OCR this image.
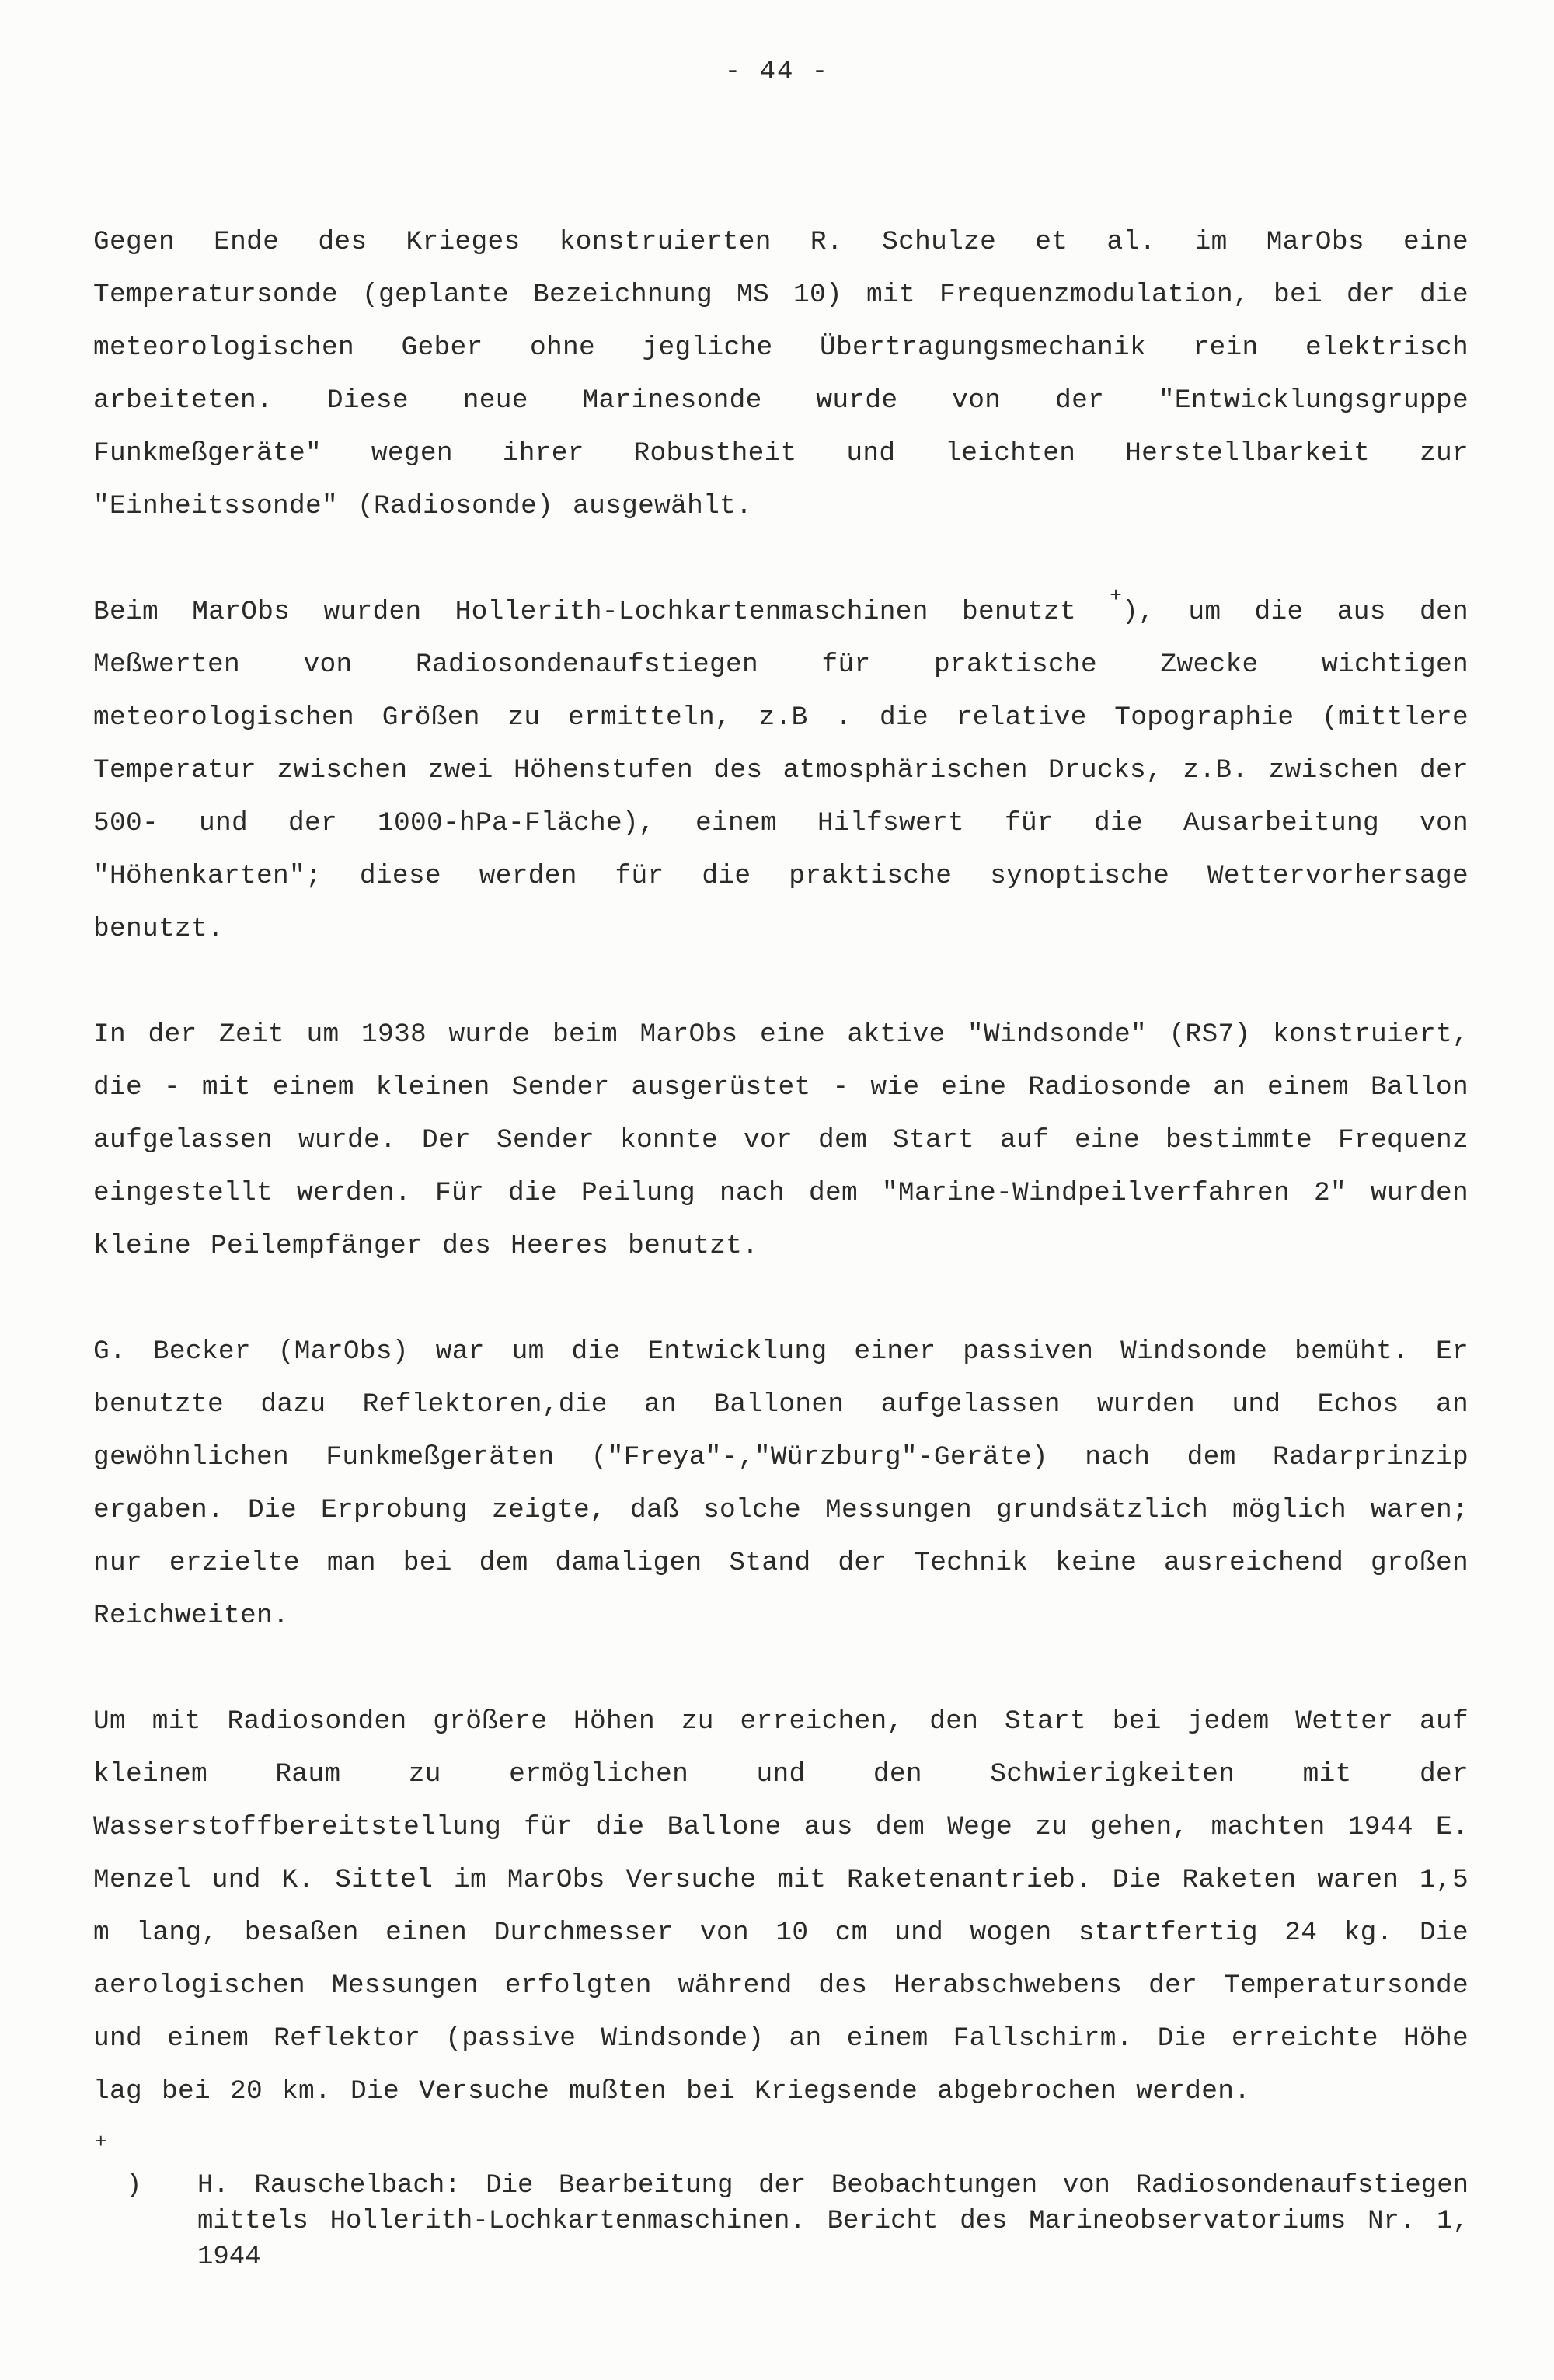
- 44 -

Gegen Ende des Krieges konstruierten R. Schulze et al. im MarObs eine Temperatursonde (geplante Bezeichnung MS 10) mit Frequenzmodulation, bei der die meteorologischen Geber ohne jegliche Übertragungsmechanik rein elektrisch arbeiteten. Diese neue Marinesonde wurde von der "Entwicklungsgruppe Funkmeßgeräte" wegen ihrer Robustheit und leichten Herstellbarkeit zur "Einheitssonde" (Radiosonde) ausgewählt.

Beim MarObs wurden Hollerith-Lochkartenmaschinen benutzt +), um die aus den Meßwerten von Radiosondenaufstiegen für praktische Zwecke wichtigen meteorologischen Größen zu ermitteln, z.B . die relative Topographie (mittlere Temperatur zwischen zwei Höhenstufen des atmosphärischen Drucks, z.B. zwischen der 500- und der 1000-hPa-Fläche), einem Hilfswert für die Ausarbeitung von "Höhenkarten"; diese werden für die praktische synoptische Wettervorhersage benutzt.

In der Zeit um 1938 wurde beim MarObs eine aktive "Windsonde" (RS7) konstruiert, die - mit einem kleinen Sender ausgerüstet - wie eine Radiosonde an einem Ballon aufgelassen wurde. Der Sender konnte vor dem Start auf eine bestimmte Frequenz eingestellt werden. Für die Peilung nach dem "Marine-Windpeilverfahren 2" wurden kleine Peilempfänger des Heeres benutzt.

G. Becker (MarObs) war um die Entwicklung einer passiven Windsonde bemüht. Er benutzte dazu Reflektoren,die an Ballonen aufgelassen wurden und Echos an gewöhnlichen Funkmeßgeräten ("Freya"-,"Würzburg"-Geräte) nach dem Radarprinzip ergaben. Die Erprobung zeigte, daß solche Messungen grundsätzlich möglich waren; nur erzielte man bei dem damaligen Stand der Technik keine ausreichend großen Reichweiten.

Um mit Radiosonden größere Höhen zu erreichen, den Start bei jedem Wetter auf kleinem Raum zu ermöglichen und den Schwierigkeiten mit der Wasserstoffbereitstellung für die Ballone aus dem Wege zu gehen, machten 1944 E. Menzel und K. Sittel im MarObs Versuche mit Raketenantrieb. Die Raketen waren 1,5 m lang, besaßen einen Durchmesser von 10 cm und wogen startfertig 24 kg. Die aerologischen Messungen erfolgten während des Herabschwebens der Temperatursonde und einem Reflektor (passive Windsonde) an einem Fallschirm. Die erreichte Höhe lag bei 20 km. Die Versuche mußten bei Kriegsende abgebrochen werden.

+
) H. Rauschelbach: Die Bearbeitung der Beobachtungen von Radiosondenaufstiegen mittels Hollerith-Lochkartenmaschinen. Bericht des Marineobservatoriums Nr. 1, 1944
